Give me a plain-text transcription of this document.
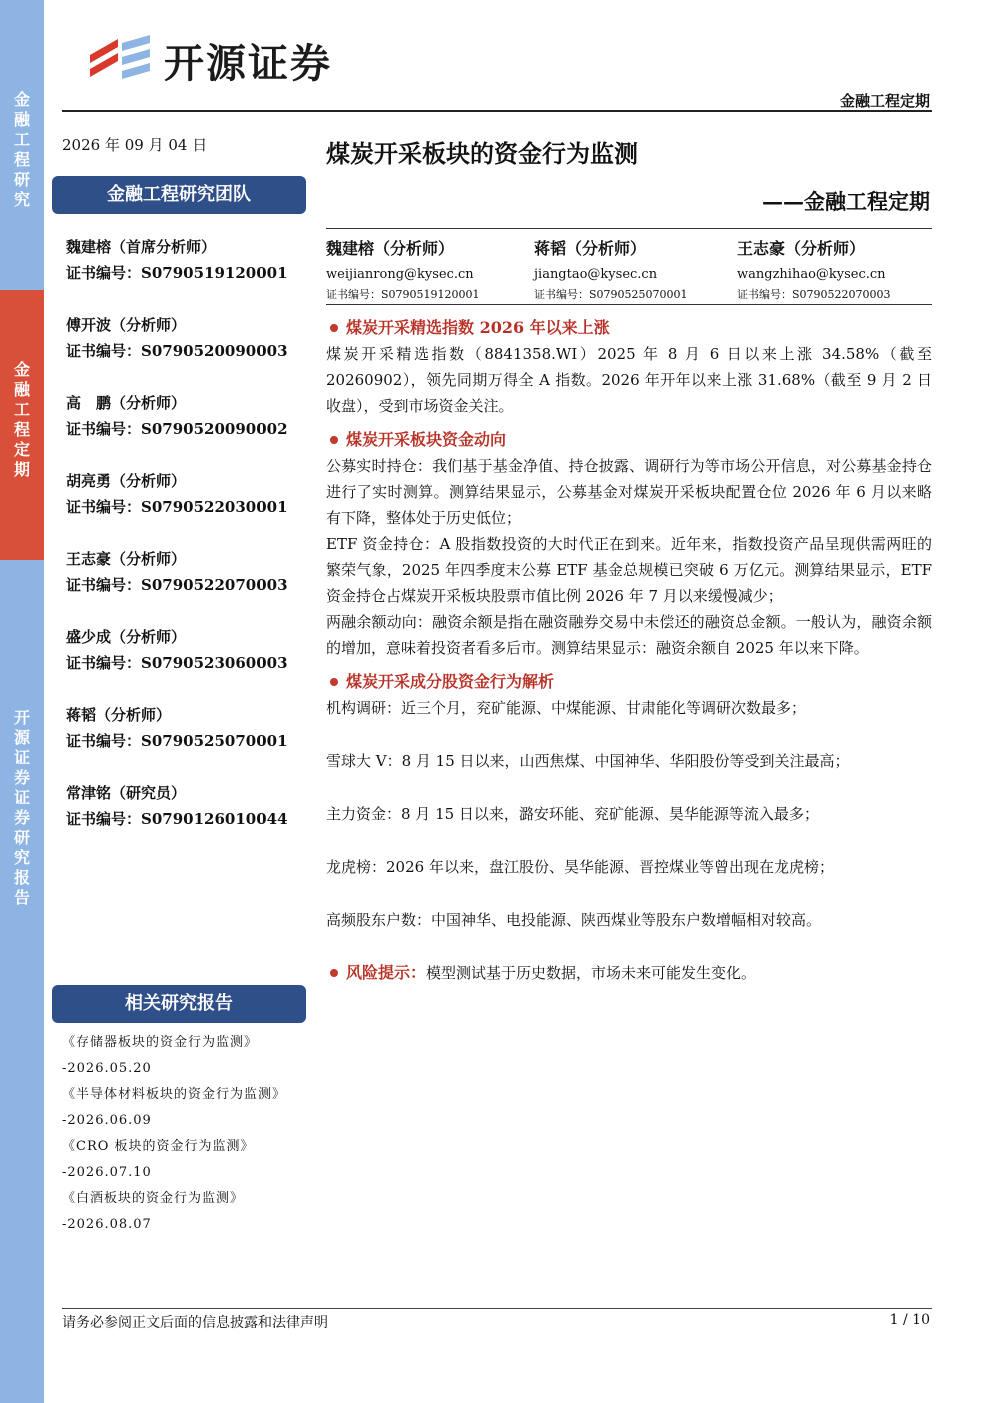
金融工程研究
金融工程定期
开源证券 证券研究报告
开源证券
金融工程定期
2026 年 09 月 04 日
金融工程研究团队
魏建榕（首席分析师）
证书编号：S0790519120001
傅开波（分析师）
证书编号：S0790520090003
高　鹏（分析师）
证书编号：S0790520090002
胡亮勇（分析师）
证书编号：S0790522030001
王志豪（分析师）
证书编号：S0790522070003
盛少成（分析师）
证书编号：S0790523060003
蒋韬（分析师）
证书编号：S0790525070001
常津铭（研究员）
证书编号：S0790126010044
相关研究报告
《存储器板块的资金行为监测》
-2026.05.20
《半导体材料板块的资金行为监测》
-2026.06.09
《CRO 板块的资金行为监测》
-2026.07.10
《白酒板块的资金行为监测》
-2026.08.07
煤炭开采板块的资金行为监测
——金融工程定期
魏建榕（分析师）
weijianrong@kysec.cn
证书编号：S0790519120001
蒋韬（分析师）
jiangtao@kysec.cn
证书编号：S0790525070001
王志豪（分析师）
wangzhihao@kysec.cn
证书编号：S0790522070003
煤炭开采精选指数 2026 年以来上涨
煤炭开采精选指数（8841358.WI）2025 年 8 月 6 日以来上涨 34.58%（截至 20260902），领先同期万得全 A 指数。2026 年开年以来上涨 31.68%（截至 9 月 2 日收盘），受到市场资金关注。
煤炭开采板块资金动向
公募实时持仓：我们基于基金净值、持仓披露、调研行为等市场公开信息，对公募基金持仓进行了实时测算。测算结果显示，公募基金对煤炭开采板块配置仓位 2026 年 6 月以来略有下降，整体处于历史低位；
ETF 资金持仓：A 股指数投资的大时代正在到来。近年来，指数投资产品呈现供需两旺的繁荣气象，2025 年四季度末公募 ETF 基金总规模已突破 6 万亿元。测算结果显示，ETF 资金持仓占煤炭开采板块股票市值比例 2026 年 7 月以来缓慢减少；
两融余额动向：融资余额是指在融资融券交易中未偿还的融资总金额。一般认为，融资余额的增加，意味着投资者看多后市。测算结果显示：融资余额自 2025 年以来下降。
煤炭开采成分股资金行为解析
机构调研：近三个月，兖矿能源、中煤能源、甘肃能化等调研次数最多；
雪球大 V：8 月 15 日以来，山西焦煤、中国神华、华阳股份等受到关注最高；
主力资金：8 月 15 日以来，潞安环能、兖矿能源、昊华能源等流入最多；
龙虎榜：2026 年以来，盘江股份、昊华能源、晋控煤业等曾出现在龙虎榜；
高频股东户数：中国神华、电投能源、陕西煤业等股东户数增幅相对较高。
风险提示：模型测试基于历史数据，市场未来可能发生变化。
请务必参阅正文后面的信息披露和法律声明	1 / 10
